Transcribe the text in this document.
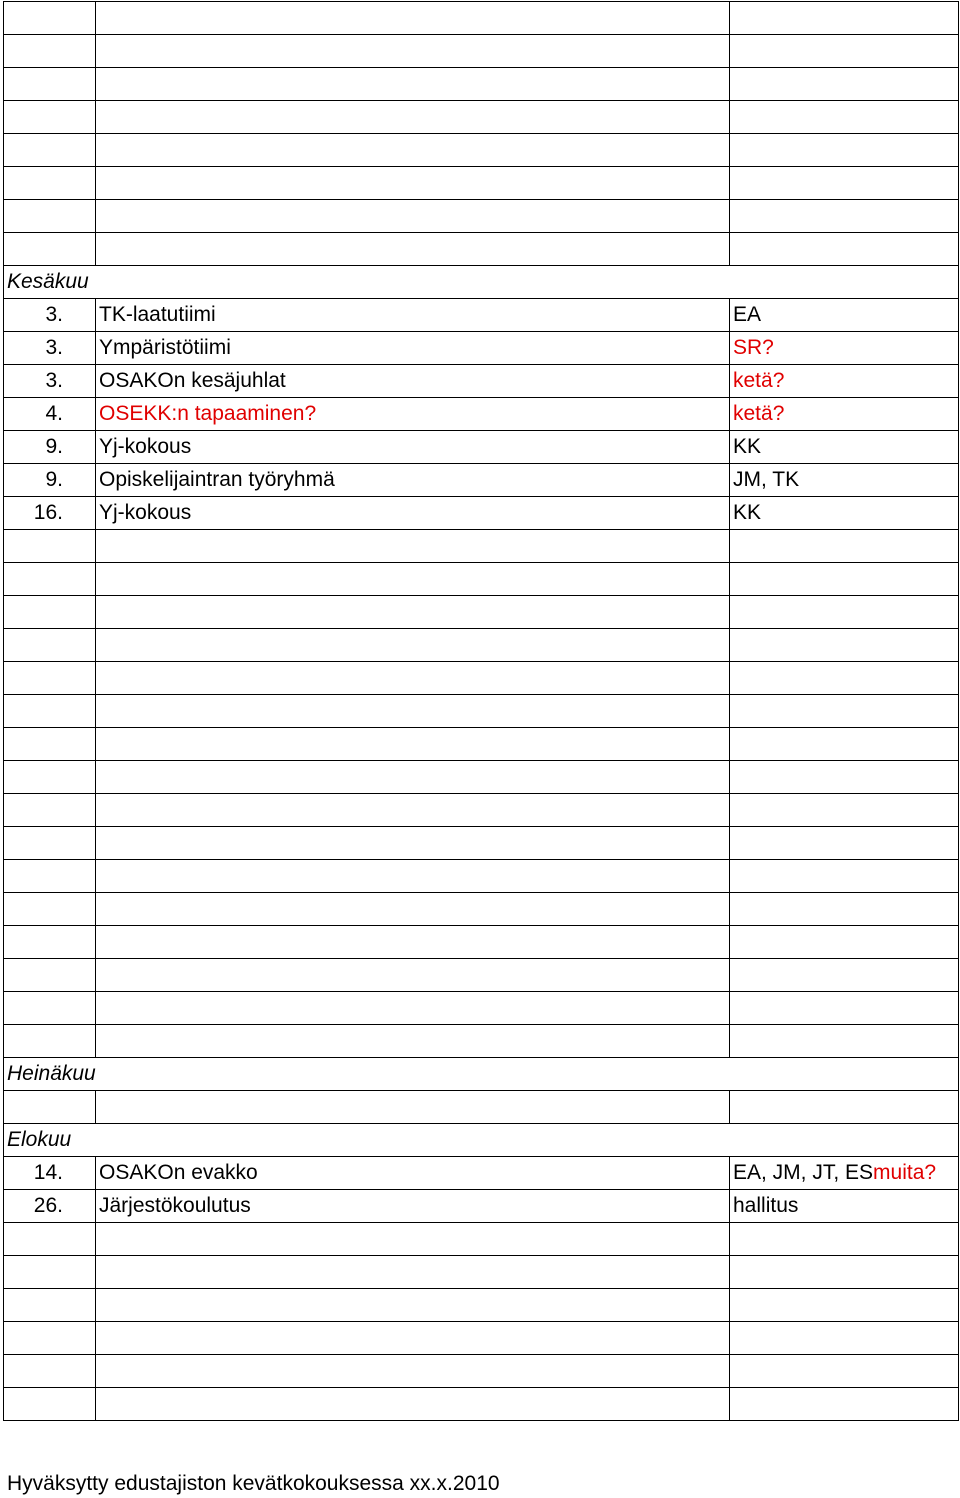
Kesäkuu		
3.	TK-laatutiimi	EA
3.	Ympäristötiimi	SR?
3.	OSAKOn kesäjuhlat	ketä?
4.	OSEKK:n tapaaminen?	ketä?
9.	Yj-kokous	KK
9.	Opiskelijaintran työryhmä	JM, TK
16.	Yj-kokous	KK

Heinäkuu		

Elokuu		
14.	OSAKOn evakko	EA, JM, JT, ESmuita?
26.	Järjestökoulutus	hallitus

Hyväksytty edustajiston kevätkokouksessa xx.x.2010
